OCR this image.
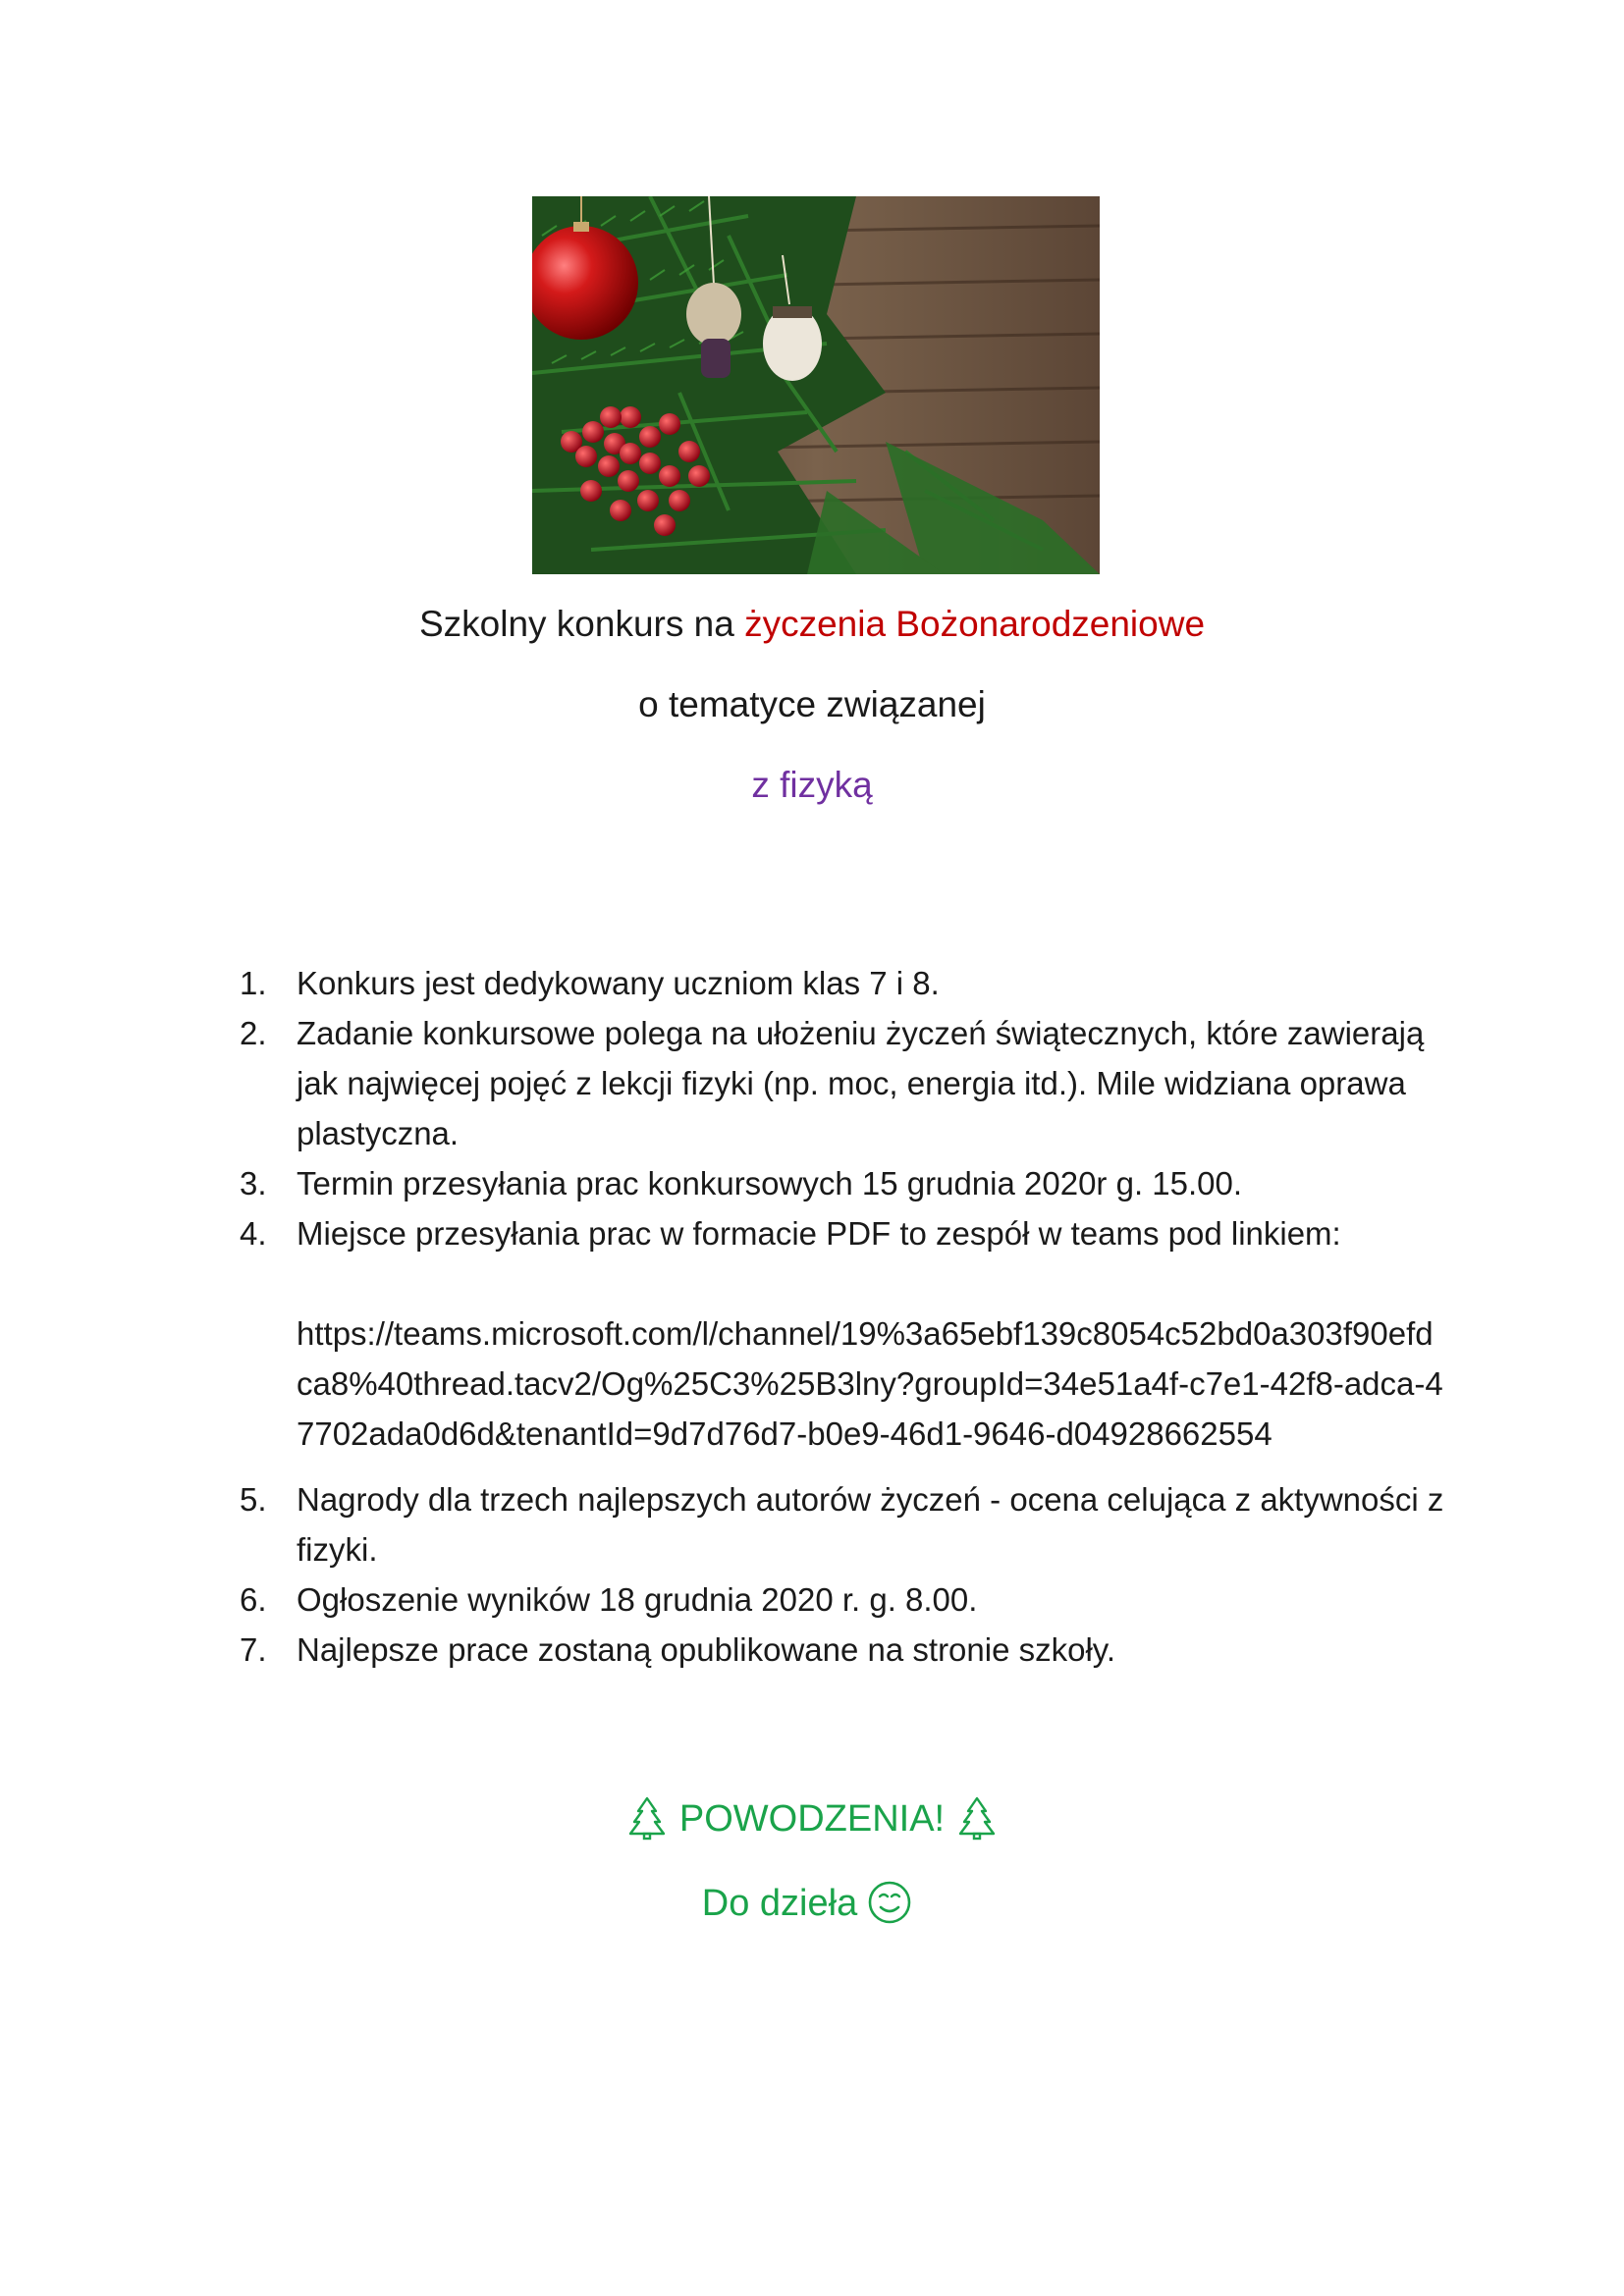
Szkolny konkurs na życzenia Bożonarodzeniowe
o tematyce związanej
z fizyką
1. Konkurs jest dedykowany uczniom klas 7 i 8.
2. Zadanie konkursowe polega na ułożeniu życzeń świątecznych, które zawierają jak najwięcej pojęć z lekcji fizyki (np. moc, energia itd.). Mile widziana oprawa plastyczna.
3. Termin przesyłania prac konkursowych 15 grudnia 2020r g. 15.00.
4. Miejsce przesyłania prac w formacie PDF to zespół w teams pod linkiem:
https://teams.microsoft.com/l/channel/19%3a65ebf139c8054c52bd0a303f90efdca8%40thread.tacv2/Og%25C3%25B3lny?groupId=34e51a4f-c7e1-42f8-adca-47702ada0d6d&tenantId=9d7d76d7-b0e9-46d1-9646-d04928662554
5. Nagrody dla trzech najlepszych autorów życzeń - ocena celująca z aktywności z fizyki.
6. Ogłoszenie wyników 18 grudnia 2020 r. g. 8.00.
7. Najlepsze prace zostaną opublikowane na stronie szkoły.
POWODZENIA!
Do dzieła
